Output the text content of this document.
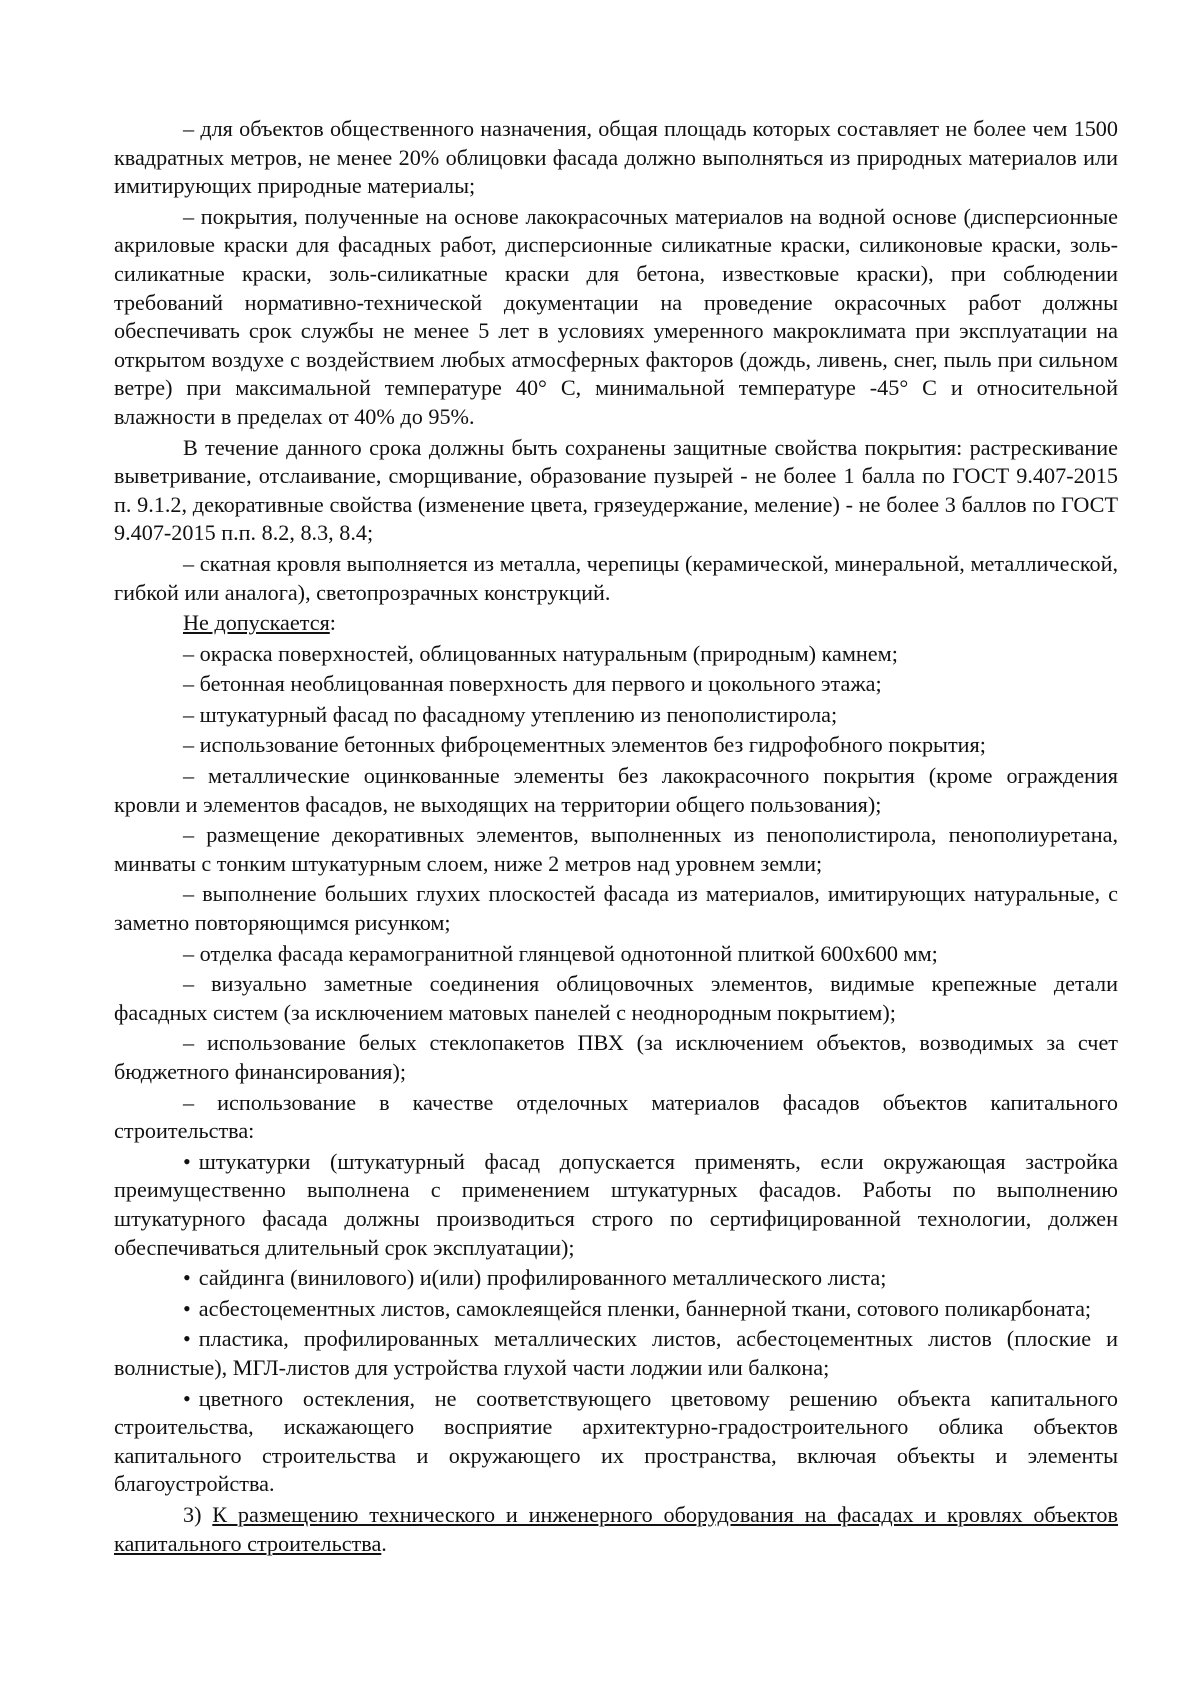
– для объектов общественного назначения, общая площадь которых составляет не более чем 1500 квадратных метров, не менее 20% облицовки фасада должно выполняться из природных материалов или имитирующих природные материалы;

– покрытия, полученные на основе лакокрасочных материалов на водной основе (дисперсионные акриловые краски для фасадных работ, дисперсионные силикатные краски, силиконовые краски, золь-силикатные краски, золь-силикатные краски для бетона, известковые краски), при соблюдении требований нормативно-технической документации на проведение окрасочных работ должны обеспечивать срок службы не менее 5 лет в условиях умеренного макроклимата при эксплуатации на открытом воздухе с воздействием любых атмосферных факторов (дождь, ливень, снег, пыль при сильном ветре) при максимальной температуре 40° С, минимальной температуре -45° С и относительной влажности в пределах от 40% до 95%.

В течение данного срока должны быть сохранены защитные свойства покрытия: растрескивание выветривание, отслаивание, сморщивание, образование пузырей - не более 1 балла по ГОСТ 9.407-2015 п. 9.1.2, декоративные свойства (изменение цвета, грязеудержание, меление) - не более 3 баллов по ГОСТ 9.407-2015 п.п. 8.2, 8.3, 8.4;

– скатная кровля выполняется из металла, черепицы (керамической, минеральной, металлической, гибкой или аналога), светопрозрачных конструкций.

Не допускается:

– окраска поверхностей, облицованных натуральным (природным) камнем;

– бетонная необлицованная поверхность для первого и цокольного этажа;

– штукатурный фасад по фасадному утеплению из пенополистирола;

– использование бетонных фиброцементных элементов без гидрофобного покрытия;

– металлические оцинкованные элементы без лакокрасочного покрытия (кроме ограждения кровли и элементов фасадов, не выходящих на территории общего пользования);

– размещение декоративных элементов, выполненных из пенополистирола, пенополиуретана, минваты с тонким штукатурным слоем, ниже 2 метров над уровнем земли;

– выполнение больших глухих плоскостей фасада из материалов, имитирующих натуральные, с заметно повторяющимся рисунком;

– отделка фасада керамогранитной глянцевой однотонной плиткой 600х600 мм;

– визуально заметные соединения облицовочных элементов, видимые крепежные детали фасадных систем (за исключением матовых панелей с неоднородным покрытием);

– использование белых стеклопакетов ПВХ (за исключением объектов, возводимых за счет бюджетного финансирования);

– использование в качестве отделочных материалов фасадов объектов капитального строительства:

• штукатурки (штукатурный фасад допускается применять, если окружающая застройка преимущественно выполнена с применением штукатурных фасадов. Работы по выполнению штукатурного фасада должны производиться строго по сертифицированной технологии, должен обеспечиваться длительный срок эксплуатации);

• сайдинга (винилового) и(или) профилированного металлического листа;

• асбестоцементных листов, самоклеящейся пленки, баннерной ткани, сотового поликарбоната;

• пластика, профилированных металлических листов, асбестоцементных листов (плоские и волнистые), МГЛ-листов для устройства глухой части лоджии или балкона;

• цветного остекления, не соответствующего цветовому решению объекта капитального строительства, искажающего восприятие архитектурно-градостроительного облика объектов капитального строительства и окружающего их пространства, включая объекты и элементы благоустройства.

3) К размещению технического и инженерного оборудования на фасадах и кровлях объектов капитального строительства.
